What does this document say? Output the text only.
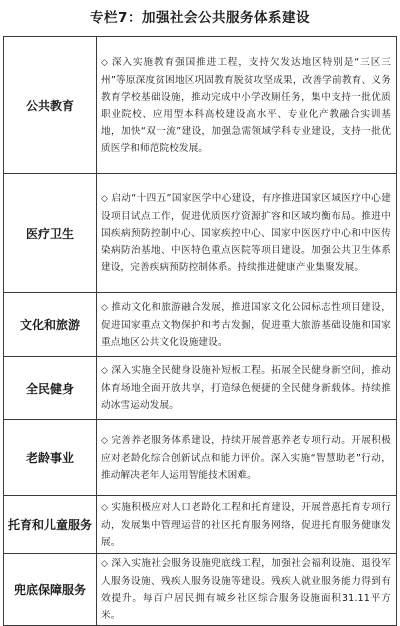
专栏7：加强社会公共服务体系建设
公共教育	◇ 深入实施教育强国推进工程，支持欠发达地区特别是“三区三州”等原深度贫困地区巩固教育脱贫攻坚成果，改善学前教育、义务教育学校基础设施，推动完成中小学改厕任务，集中支持一批优质职业院校、应用型本科高校建设高水平、专业化产教融合实训基地，加快“双一流”建设，加强急需领域学科专业建设，支持一批优质医学和师范院校发展。
医疗卫生	◇ 启动“十四五”国家医学中心建设，有序推进国家区域医疗中心建设项目试点工作，促进优质医疗资源扩容和区域均衡布局。推进中国疾病预防控制中心、国家疾控中心、国家中医医疗中心和中医传染病防治基地、中医特色重点医院等项目建设。加强公共卫生体系建设，完善疾病预防控制体系。持续推进健康产业集聚发展。
文化和旅游	◇ 推动文化和旅游融合发展，推进国家文化公园标志性项目建设，促进国家重点文物保护和考古发掘，促进重大旅游基础设施和国家重点地区公共文化设施建设。
全民健身	◇ 深入实施全民健身设施补短板工程。拓展全民健身新空间，推动体育场地全面开放共享，打造绿色便捷的全民健身新载体。持续推动冰雪运动发展。
老龄事业	◇ 完善养老服务体系建设，持续开展普惠养老专项行动。开展积极应对老龄化综合创新试点和能力评价。深入实施“智慧助老”行动，推动解决老年人运用智能技术困难。
托育和儿童服务	◇ 实施积极应对人口老龄化工程和托育建设，开展普惠托育专项行动，发展集中管理运营的社区托育服务网络，促进托育服务健康发展。
兜底保障服务	◇ 深入实施社会服务设施兜底线工程，加强社会福利设施、退役军人服务设施、残疾人服务设施等建设。残疾人就业服务能力得到有效提升。每百户居民拥有城乡社区综合服务设施面积31.11平方米。
